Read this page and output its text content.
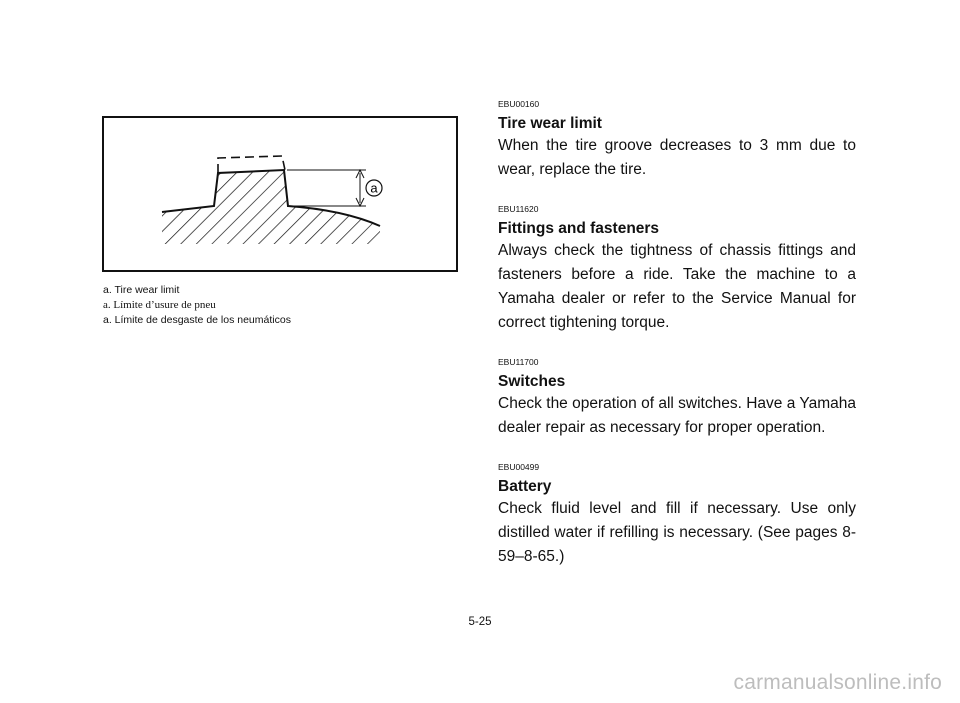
a
a. Tire wear limit
a. Límite d’usure de pneu
a. Límite de desgaste de los neumáticos
EBU00160
Tire wear limit
When the tire groove decreases to 3 mm due to wear, replace the tire.
EBU11620
Fittings and fasteners
Always check the tightness of chassis fittings and fasteners before a ride. Take the machine to a Yamaha dealer or refer to the Service Manual for correct tightening torque.
EBU11700
Switches
Check the operation of all switches. Have a Yamaha dealer repair as necessary for proper operation.
EBU00499
Battery
Check fluid level and fill if necessary. Use only distilled water if refilling is necessary. (See pages 8-59–8-65.)
5-25
carmanualsonline.info
